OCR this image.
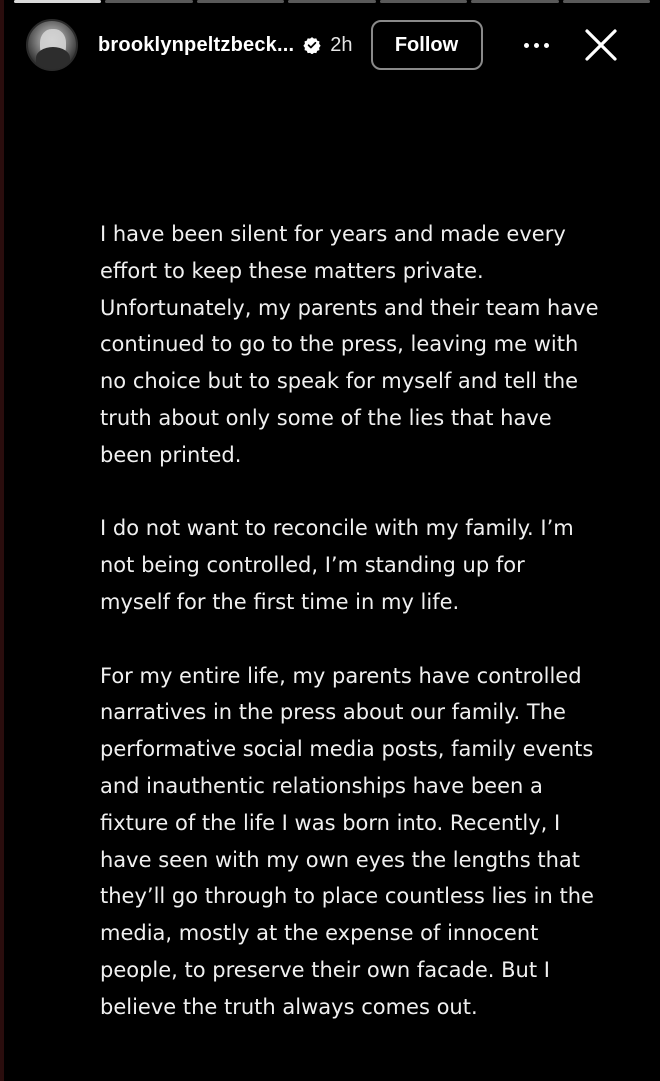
brooklynpeltzbeck... 2h	Follow

I have been silent for years and made every effort to keep these matters private. Unfortunately, my parents and their team have continued to go to the press, leaving me with no choice but to speak for myself and tell the truth about only some of the lies that have been printed.

I do not want to reconcile with my family. I’m not being controlled, I’m standing up for myself for the first time in my life.

For my entire life, my parents have controlled narratives in the press about our family. The performative social media posts, family events and inauthentic relationships have been a fixture of the life I was born into. Recently, I have seen with my own eyes the lengths that they’ll go through to place countless lies in the media, mostly at the expense of innocent people, to preserve their own facade. But I believe the truth always comes out.
